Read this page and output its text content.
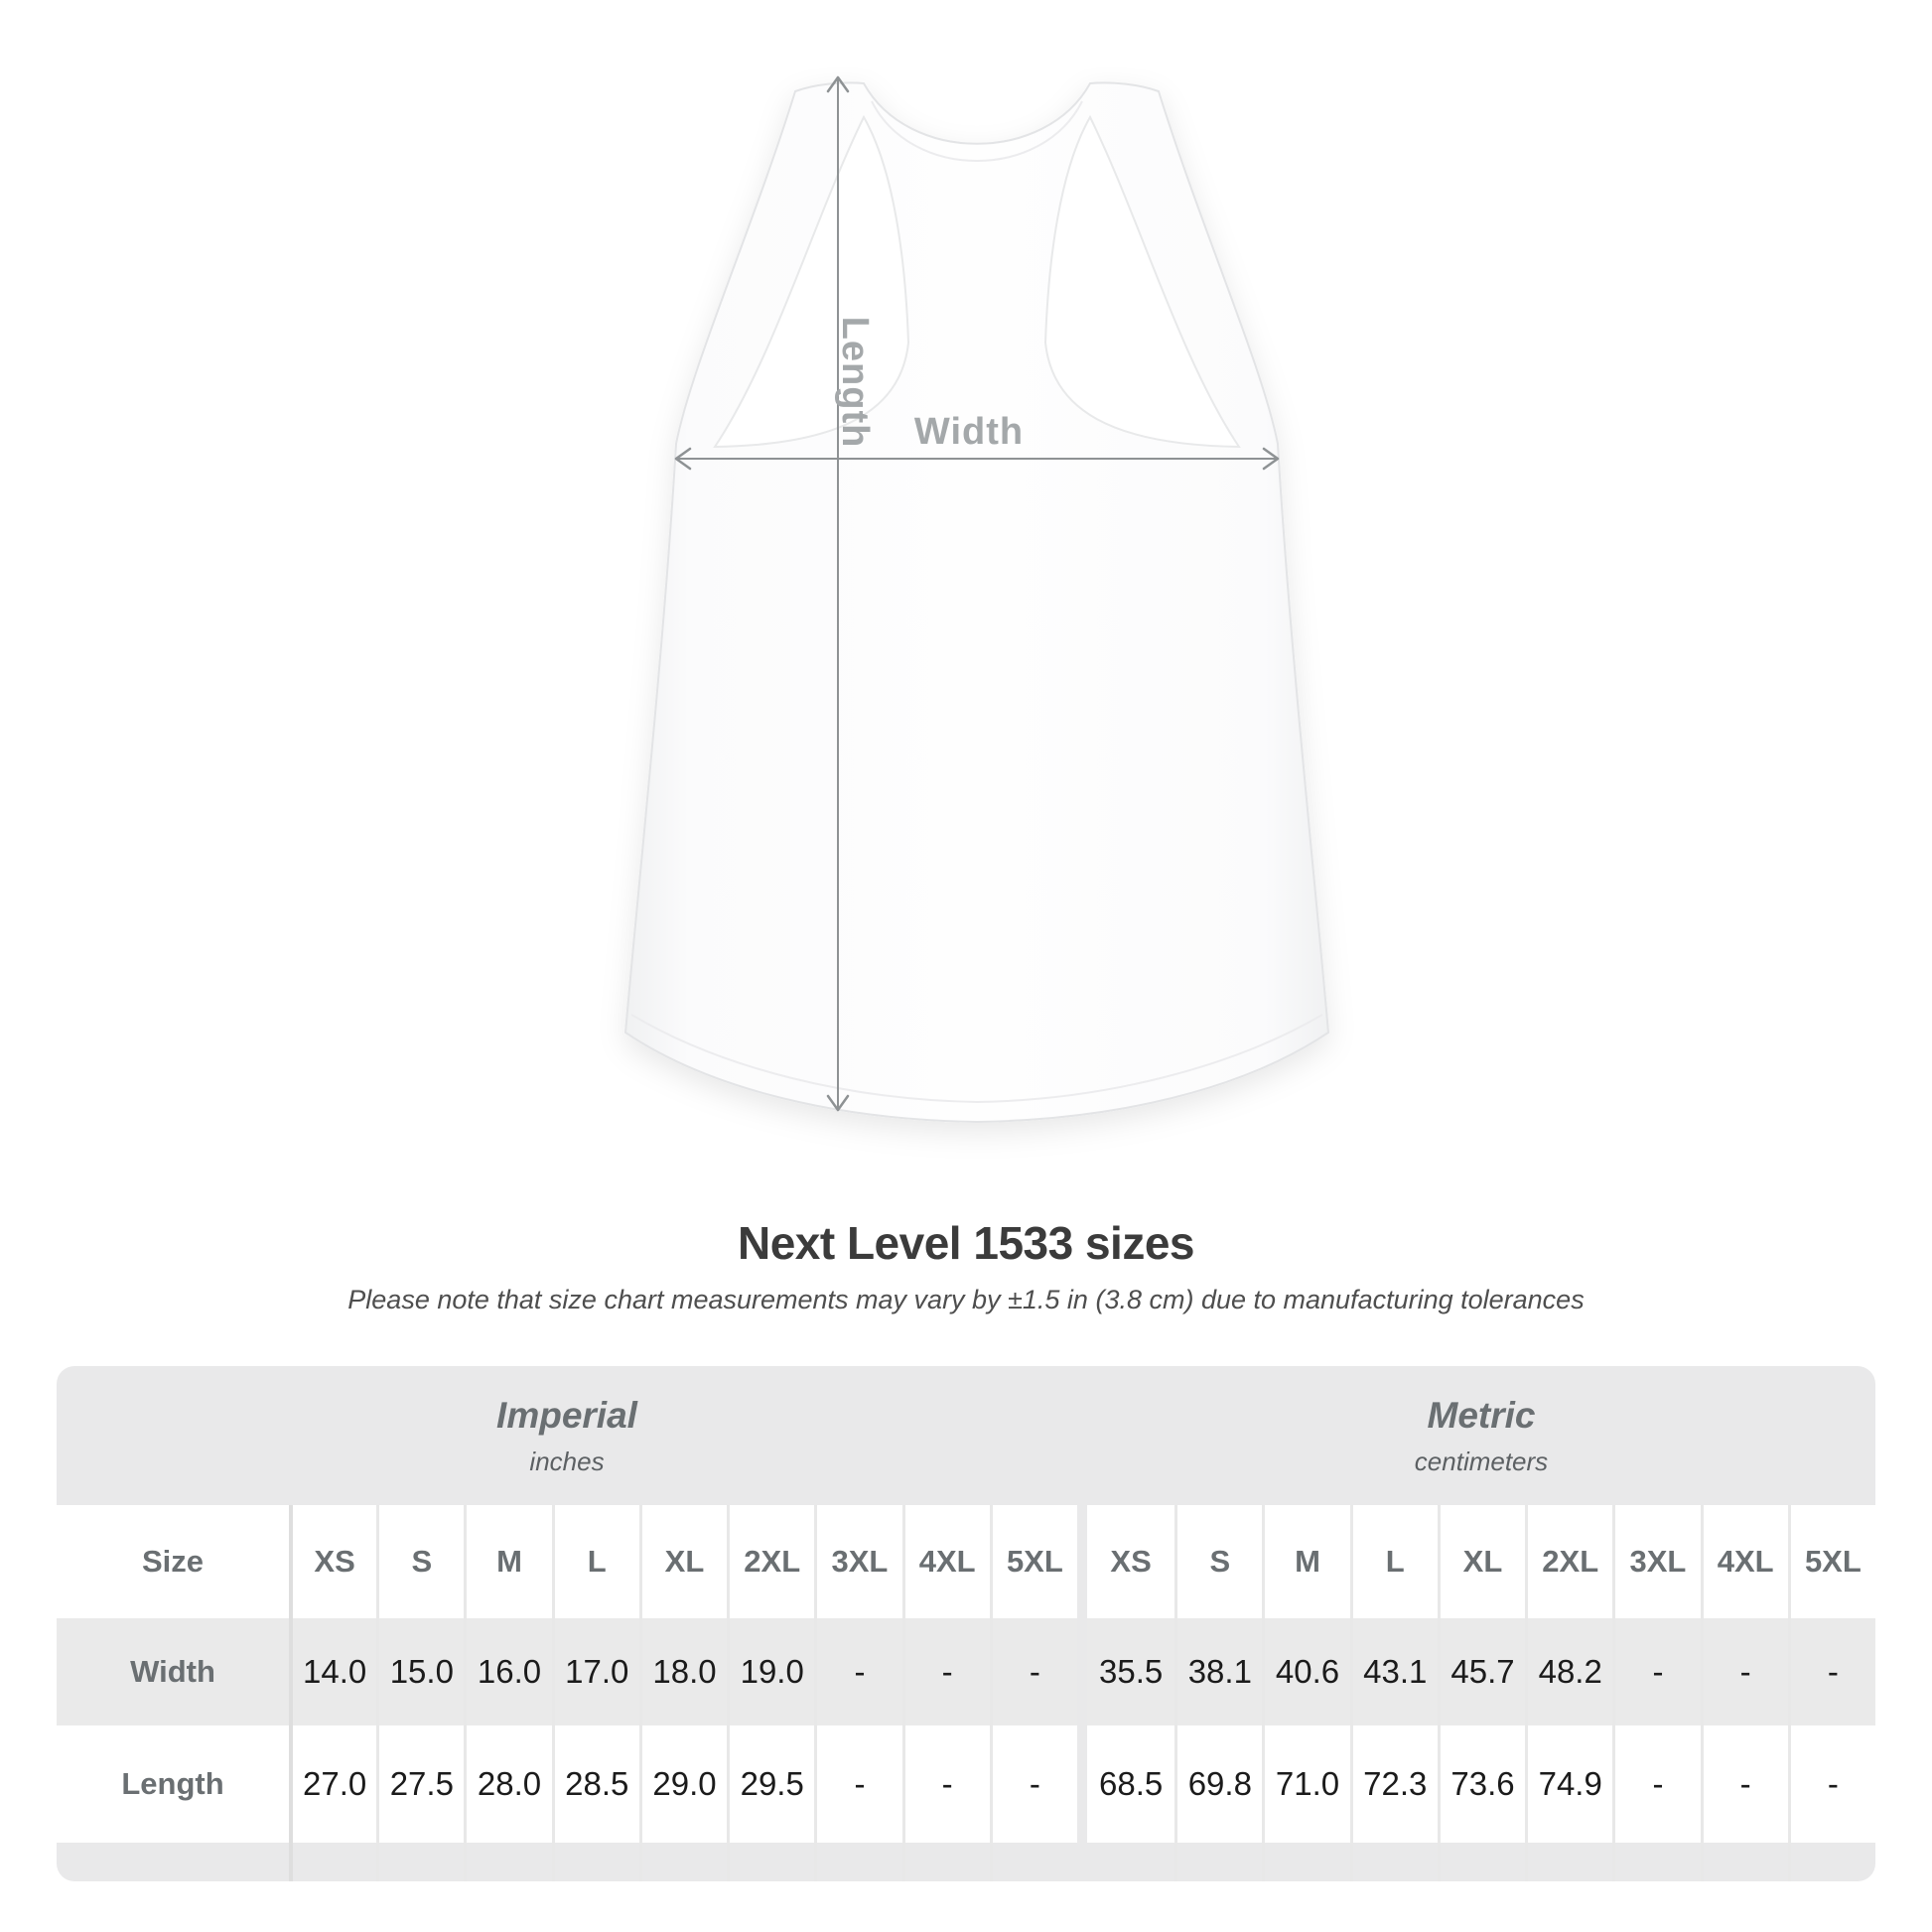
Length Width
Next Level 1533 sizes

Please note that size chart measurements may vary by ±1.5 in (3.8 cm) due to manufacturing tolerances

Imperial
inches
Metric
centimeters
Size	XS	S	M	L	XL	2XL	3XL	4XL	5XL	XS	S	M	L	XL	2XL	3XL	4XL	5XL
Width	14.0 15.0 16.0 17.0 18.0 19.0	-	-	-	35.5 38.1 40.6 43.1 45.7 48.2	-	-	-
Length	27.0 27.5 28.0 28.5 29.0 29.5	-	-	-	68.5 69.8 71.0 72.3 73.6 74.9	-	-	-
